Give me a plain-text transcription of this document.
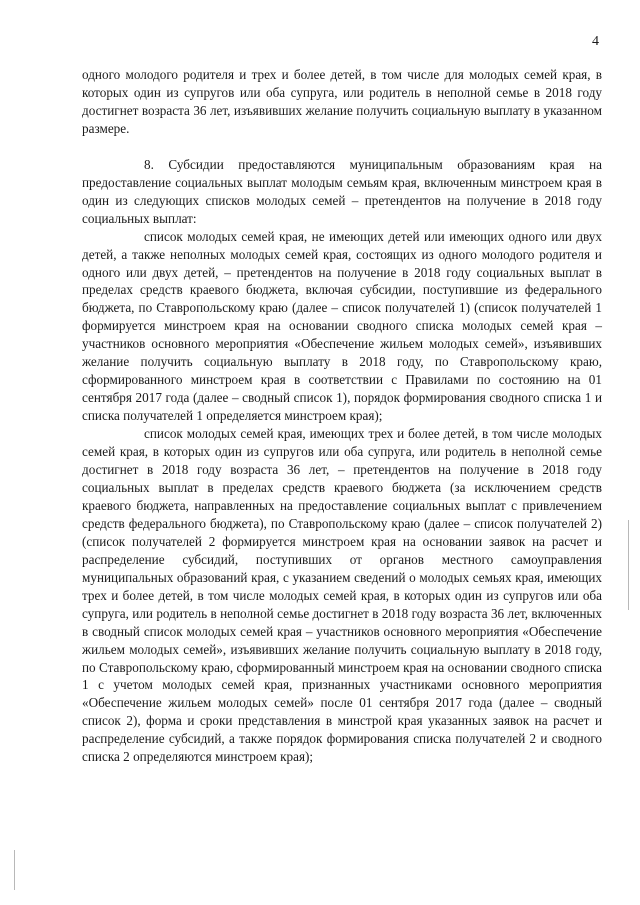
4

одного молодого родителя и трех и более детей, в том числе для молодых семей края, в которых один из супругов или оба супруга, или родитель в неполной семье в 2018 году достигнет возраста 36 лет, изъявивших желание получить социальную выплату в указанном размере.

8. Субсидии предоставляются муниципальным образованиям края на предоставление социальных выплат молодым семьям края, включенным минстроем края в один из следующих списков молодых семей – претендентов на получение в 2018 году социальных выплат:

список молодых семей края, не имеющих детей или имеющих одного или двух детей, а также неполных молодых семей края, состоящих из одного молодого родителя и одного или двух детей, – претендентов на получение в 2018 году социальных выплат в пределах средств краевого бюджета, включая субсидии, поступившие из федерального бюджета, по Ставропольскому краю (далее – список получателей 1) (список получателей 1 формируется минстроем края на основании сводного списка молодых семей края – участников основного мероприятия «Обеспечение жильем молодых семей», изъявивших желание получить социальную выплату в 2018 году, по Ставропольскому краю, сформированного минстроем края в соответствии с Правилами по состоянию на 01 сентября 2017 года (далее – сводный список 1), порядок формирования сводного списка 1 и списка получателей 1 определяется минстроем края);

список молодых семей края, имеющих трех и более детей, в том числе молодых семей края, в которых один из супругов или оба супруга, или родитель в неполной семье достигнет в 2018 году возраста 36 лет, – претендентов на получение в 2018 году социальных выплат в пределах средств краевого бюджета (за исключением средств краевого бюджета, направленных на предоставление социальных выплат с привлечением средств федерального бюджета), по Ставропольскому краю (далее – список получателей 2) (список получателей 2 формируется минстроем края на основании заявок на расчет и распределение субсидий, поступивших от органов местного самоуправления муниципальных образований края, с указанием сведений о молодых семьях края, имеющих трех и более детей, в том числе молодых семей края, в которых один из супругов или оба супруга, или родитель в неполной семье достигнет в 2018 году возраста 36 лет, включенных в сводный список молодых семей края – участников основного мероприятия «Обеспечение жильем молодых семей», изъявивших желание получить социальную выплату в 2018 году, по Ставропольскому краю, сформированный минстроем края на основании сводного списка 1 с учетом молодых семей края, признанных участниками основного мероприятия «Обеспечение жильем молодых семей» после 01 сентября 2017 года (далее – сводный список 2), форма и сроки представления в минстрой края указанных заявок на расчет и распределение субсидий, а также порядок формирования списка получателей 2 и сводного списка 2 определяются минстроем края);
